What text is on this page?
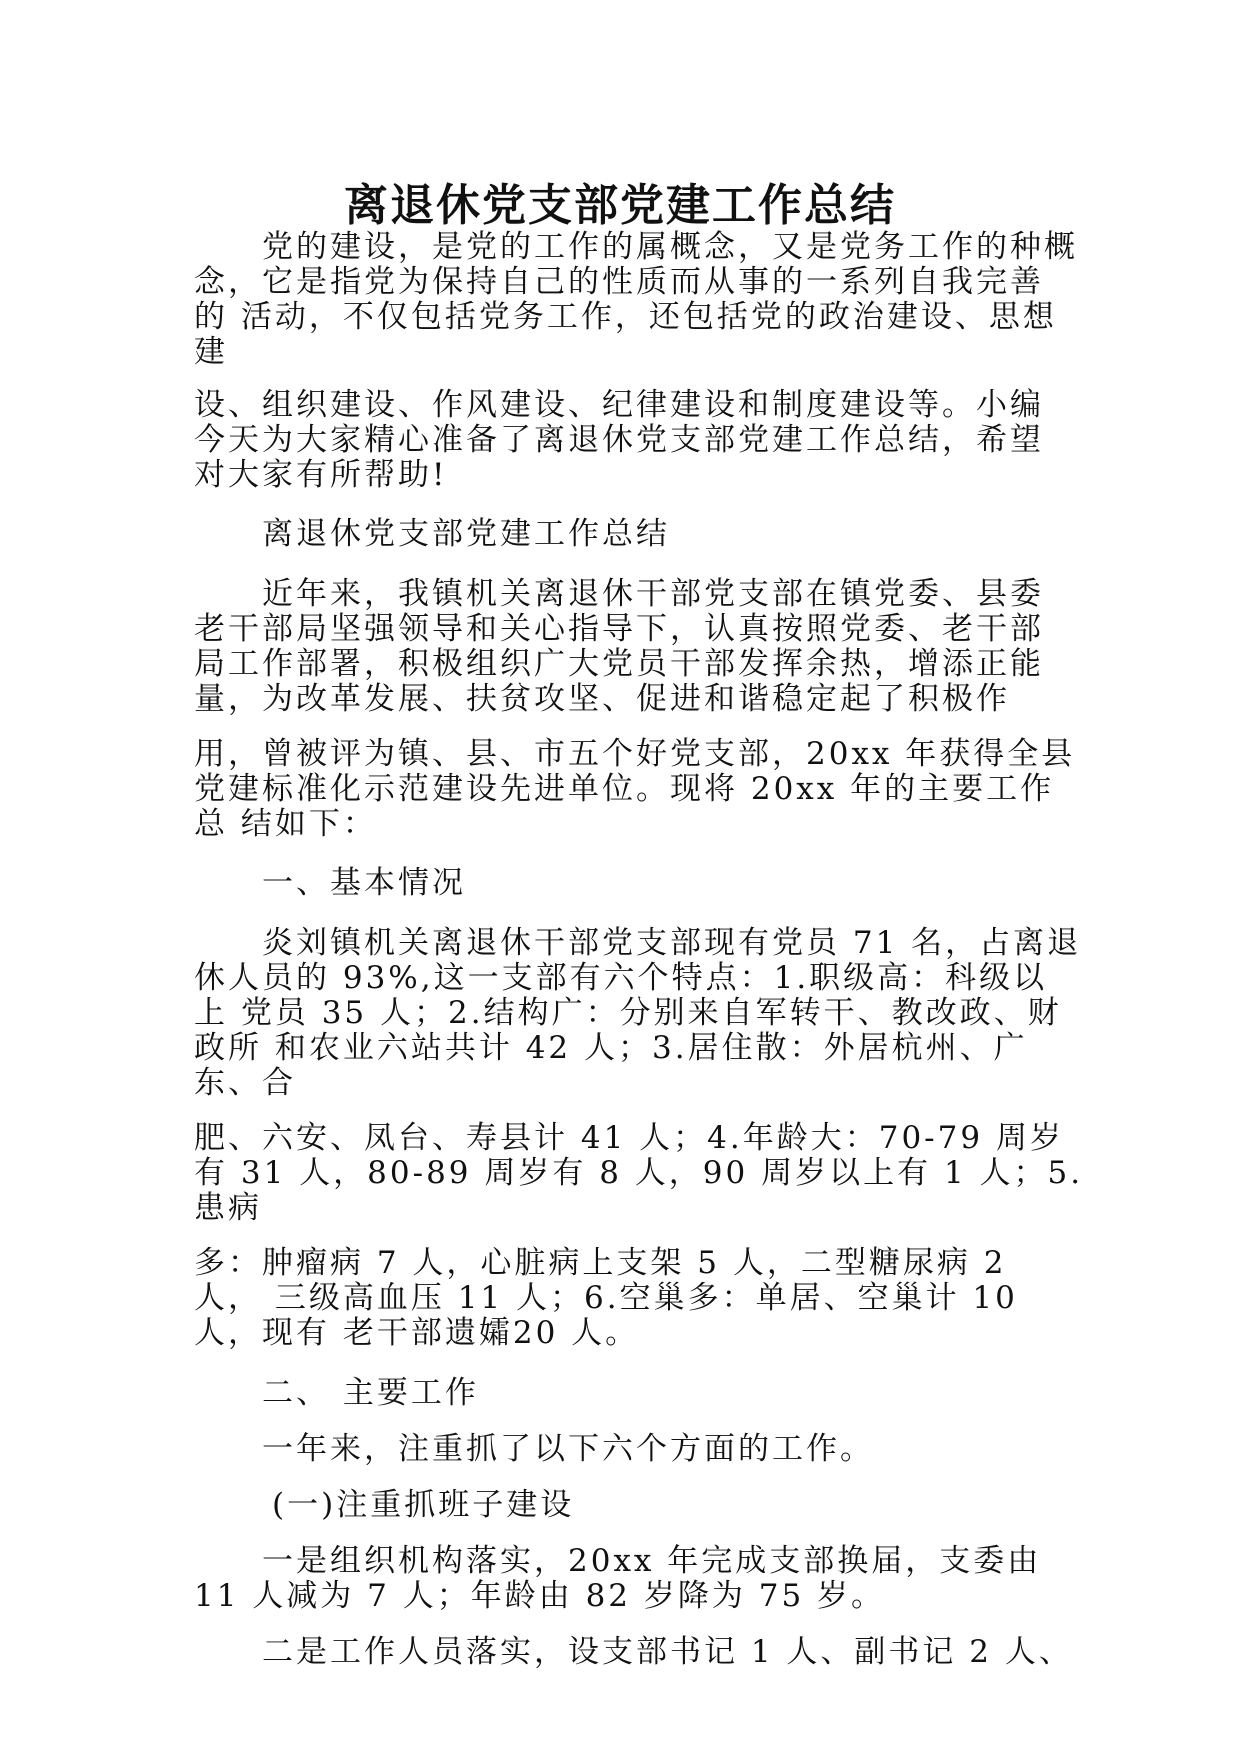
离退休党支部党建工作总结

党的建设，是党的工作的属概念，又是党务工作的种概

念，它是指党为保持自己的性质而从事的一系列自我完善

的 活动，不仅包括党务工作，还包括党的政治建设、思想

建

设、组织建设、作风建设、纪律建设和制度建设等。小编

今天为大家精心准备了离退休党支部党建工作总结，希望

对大家有所帮助!

离退休党支部党建工作总结

近年来，我镇机关离退休干部党支部在镇党委、县委

老干部局坚强领导和关心指导下，认真按照党委、老干部

局工作部署，积极组织广大党员干部发挥余热，增添正能

量，为改革发展、扶贫攻坚、促进和谐稳定起了积极作

用，曾被评为镇、县、市五个好党支部，20xx 年获得全县

党建标准化示范建设先进单位。现将 20xx 年的主要工作

总 结如下：

一、基本情况

炎刘镇机关离退休干部党支部现有党员 71 名，占离退

休人员的 93%,这一支部有六个特点：1.职级高：科级以

上 党员 35 人；2.结构广：分别来自军转干、教改政、财

政所 和农业六站共计 42 人；3.居住散：外居杭州、广

东、合

肥、六安、凤台、寿县计 41 人；4.年龄大：70-79 周岁

有 31 人，80-89 周岁有 8 人，90 周岁以上有 1 人；5.

患病

多：肿瘤病 7 人，心脏病上支架 5 人，二型糖尿病 2

人， 三级高血压 11 人；6.空巢多：单居、空巢计 10

人，现有 老干部遗孀20 人。

二、 主要工作

一年来，注重抓了以下六个方面的工作。

(一)注重抓班子建设

一是组织机构落实，20xx 年完成支部换届，支委由

11 人减为 7 人；年龄由 82 岁降为 75 岁。

二是工作人员落实，设支部书记 1 人、副书记 2 人、
